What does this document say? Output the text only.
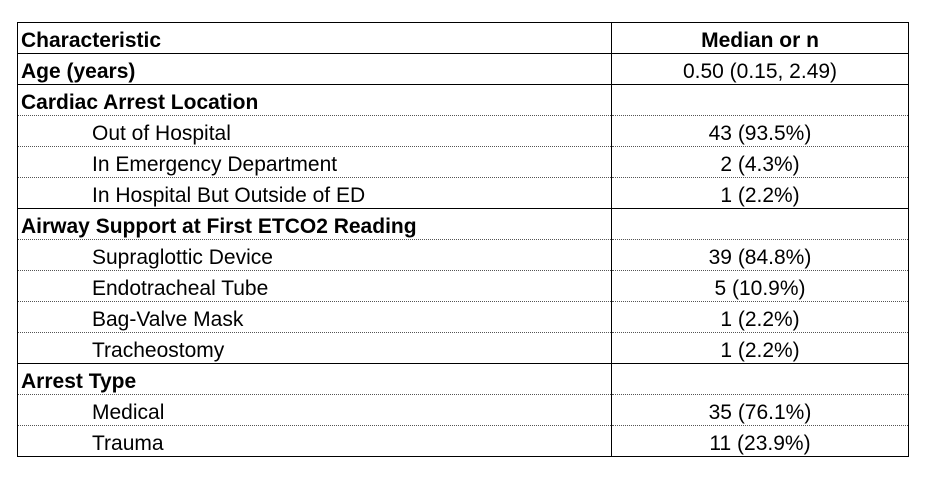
Characteristic	Median or n
Age (years)	0.50 (0.15, 2.49)
Cardiac Arrest Location	
Out of Hospital	43 (93.5%)
In Emergency Department	2 (4.3%)
In Hospital But Outside of ED	1 (2.2%)
Airway Support at First ETCO2 Reading	
Supraglottic Device	39 (84.8%)
Endotracheal Tube	5 (10.9%)
Bag-Valve Mask	1 (2.2%)
Tracheostomy	1 (2.2%)
Arrest Type	
Medical	35 (76.1%)
Trauma	11 (23.9%)
